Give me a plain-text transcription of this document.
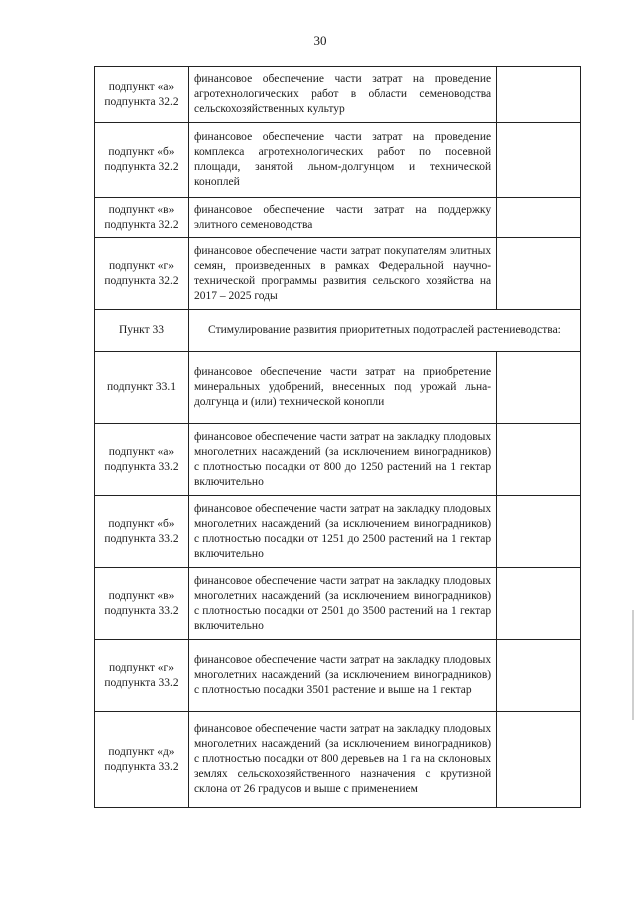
30
подпункт «а» подпункта 32.2	финансовое обеспечение части затрат на проведение агротехнологических работ в области семеноводства сельскохозяйственных культур	
подпункт «б» подпункта 32.2	финансовое обеспечение части затрат на проведение комплекса агротехнологических работ по посевной площади, занятой льном-долгунцом и технической коноплей	
подпункт «в» подпункта 32.2	финансовое обеспечение части затрат на поддержку элитного семеноводства	
подпункт «г» подпункта 32.2	финансовое обеспечение части затрат покупателям элитных семян, произведенных в рамках Федеральной научно-технической программы развития сельского хозяйства на 2017 – 2025 годы	
Пункт 33	Стимулирование развития приоритетных подотраслей растениеводства:	
подпункт 33.1	финансовое обеспечение части затрат на приобретение минеральных удобрений, внесенных под урожай льна-долгунца и (или) технической конопли	
подпункт «а» подпункта 33.2	финансовое обеспечение части затрат на закладку плодовых многолетних насаждений (за исключением виноградников) с плотностью посадки от 800 до 1250 растений на 1 гектар включительно	
подпункт «б» подпункта 33.2	финансовое обеспечение части затрат на закладку плодовых многолетних насаждений (за исключением виноградников) с плотностью посадки от 1251 до 2500 растений на 1 гектар включительно	
подпункт «в» подпункта 33.2	финансовое обеспечение части затрат на закладку плодовых многолетних насаждений (за исключением виноградников) с плотностью посадки от 2501 до 3500 растений на 1 гектар включительно	
подпункт «г» подпункта 33.2	финансовое обеспечение части затрат на закладку плодовых многолетних насаждений (за исключением виноградников) с плотностью посадки 3501 растение и выше на 1 гектар	
подпункт «д» подпункта 33.2	финансовое обеспечение части затрат на закладку плодовых многолетних насаждений (за исключением виноградников) с плотностью посадки от 800 деревьев на 1 га на склоновых землях сельскохозяйственного назначения с крутизной склона от 26 градусов и выше с применением	
